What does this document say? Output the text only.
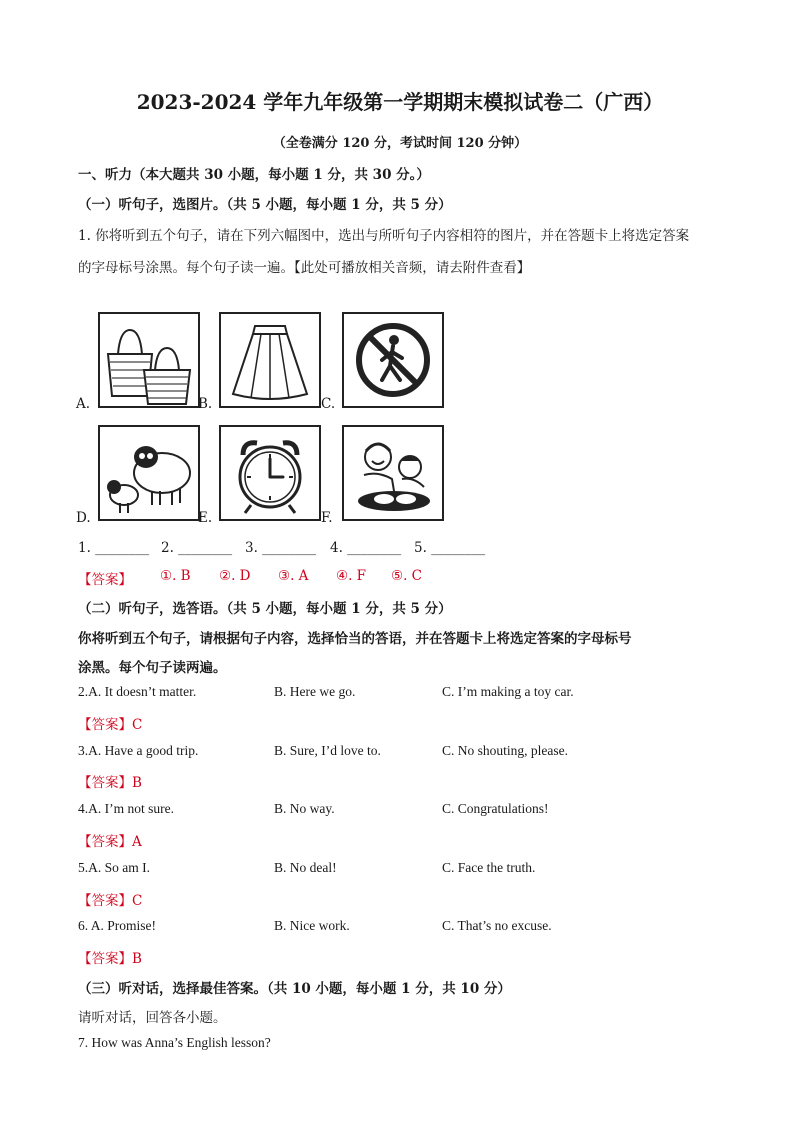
2023-2024 学年九年级第一学期期末模拟试卷二（广西）
（全卷满分 120 分，考试时间 120 分钟）
一、听力（本大题共 30 小题，每小题 1 分，共 30 分。）
（一）听句子，选图片。（共 5 小题，每小题 1 分，共 5 分）
1. 你将听到五个句子，请在下列六幅图中，选出与所听句子内容相符的图片，并在答题卡上将选定答案
的字母标号涂黑。每个句子读一遍。【此处可播放相关音频，请去附件查看】
A.	B.	C.
D.	E.	F.
1. ________ 2. ________ 3. ________ 4. ________ 5. ________
【答案】 ①. B ②. D ③. A ④. F ⑤. C
（二）听句子，选答语。（共 5 小题，每小题 1 分，共 5 分）
你将听到五个句子，请根据句子内容，选择恰当的答语，并在答题卡上将选定答案的字母标号
涂黑。每个句子读两遍。
2.A. It doesn’t matter.	B. Here we go.	C. I’m making a toy car.
【答案】C
3.A. Have a good trip.	B. Sure, I’d love to.	C. No shouting, please.
【答案】B
4.A. I’m not sure.	B. No way.	C. Congratulations!
【答案】A
5.A. So am I.	B. No deal!	C. Face the truth.
【答案】C
6. A. Promise!	B. Nice work.	C. That’s no excuse.
【答案】B
（三）听对话，选择最佳答案。（共 10 小题，每小题 1 分，共 10 分）
请听对话，回答各小题。
7. How was Anna’s English lesson?
